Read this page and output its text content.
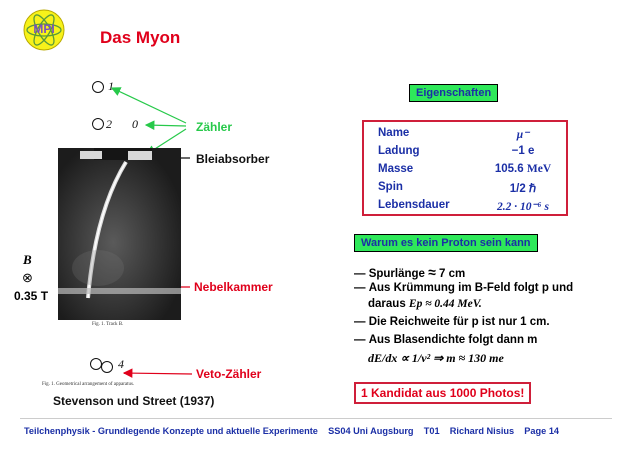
MPI	Das Myon
1
2 0
4
Fig. 1. Track B.
Fig. 1. Geometrical arrangement of apparatus.
B⃗
⊗
0.35 T
Zähler
Bleiabsorber
Nebelkammer
Veto-Zähler
Stevenson und Street (1937)
Eigenschaften
Name	μ⁻
Ladung	−1 e
Masse	105.6 MeV
Spin	1/2 ℏ
Lebensdauer	2.2 · 10⁻⁶ s
Warum es kein Proton sein kann
— Spurlänge ≈ 7 cm
— Aus Krümmung im B-Feld folgt p und
daraus Ep ≈ 0.44 MeV.
— Die Reichweite für p ist nur 1 cm.
— Aus Blasendichte folgt dann m
dE/dx ∝ 1/v² ⇒ m ≈ 130 me
1 Kandidat aus 1000 Photos!
Teilchenphysik - Grundlegende Konzepte und aktuelle Experimente    SS04 Uni Augsburg    T01    Richard Nisius    Page 14
